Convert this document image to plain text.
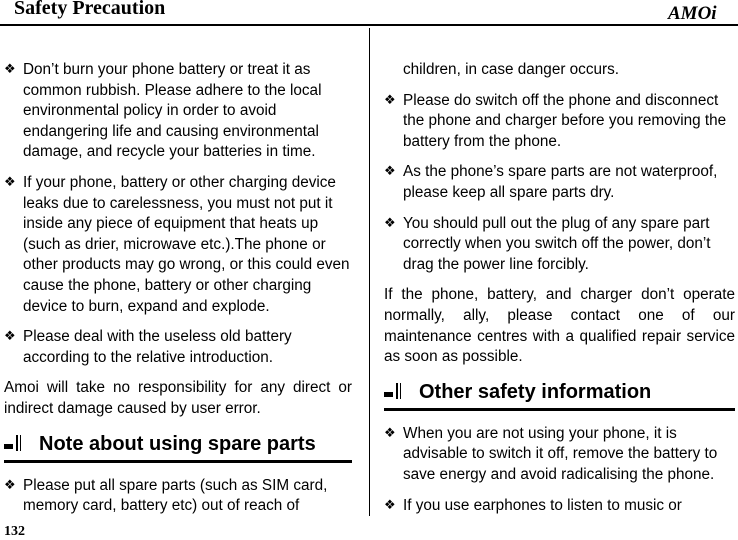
Safety Precaution	AMOi
❖ Don’t burn your phone battery or treat it as common rubbish. Please adhere to the local environmental policy in order to avoid endangering life and causing environmental damage, and recycle your batteries in time.
❖ If your phone, battery or other charging device leaks due to carelessness, you must not put it inside any piece of equipment that heats up (such as drier, microwave etc.).The phone or other products may go wrong, or this could even cause the phone, battery or other charging device to burn, expand and explode.
❖ Please deal with the useless old battery according to the relative introduction.
Amoi will take no responsibility for any direct or indirect damage caused by user error.
Note about using spare parts
❖ Please put all spare parts (such as SIM card, memory card, battery etc) out of reach of
children, in case danger occurs.
❖ Please do switch off the phone and disconnect the phone and charger before you removing the battery from the phone.
❖ As the phone’s spare parts are not waterproof, please keep all spare parts dry.
❖ You should pull out the plug of any spare part correctly when you switch off the power, don’t drag the power line forcibly.
If the phone, battery, and charger don’t operate normally, ally, please contact one of our maintenance centres with a qualified repair service as soon as possible.
Other safety information
❖ When you are not using your phone, it is advisable to switch it off, remove the battery to save energy and avoid radicalising the phone.
❖ If you use earphones to listen to music or
132
